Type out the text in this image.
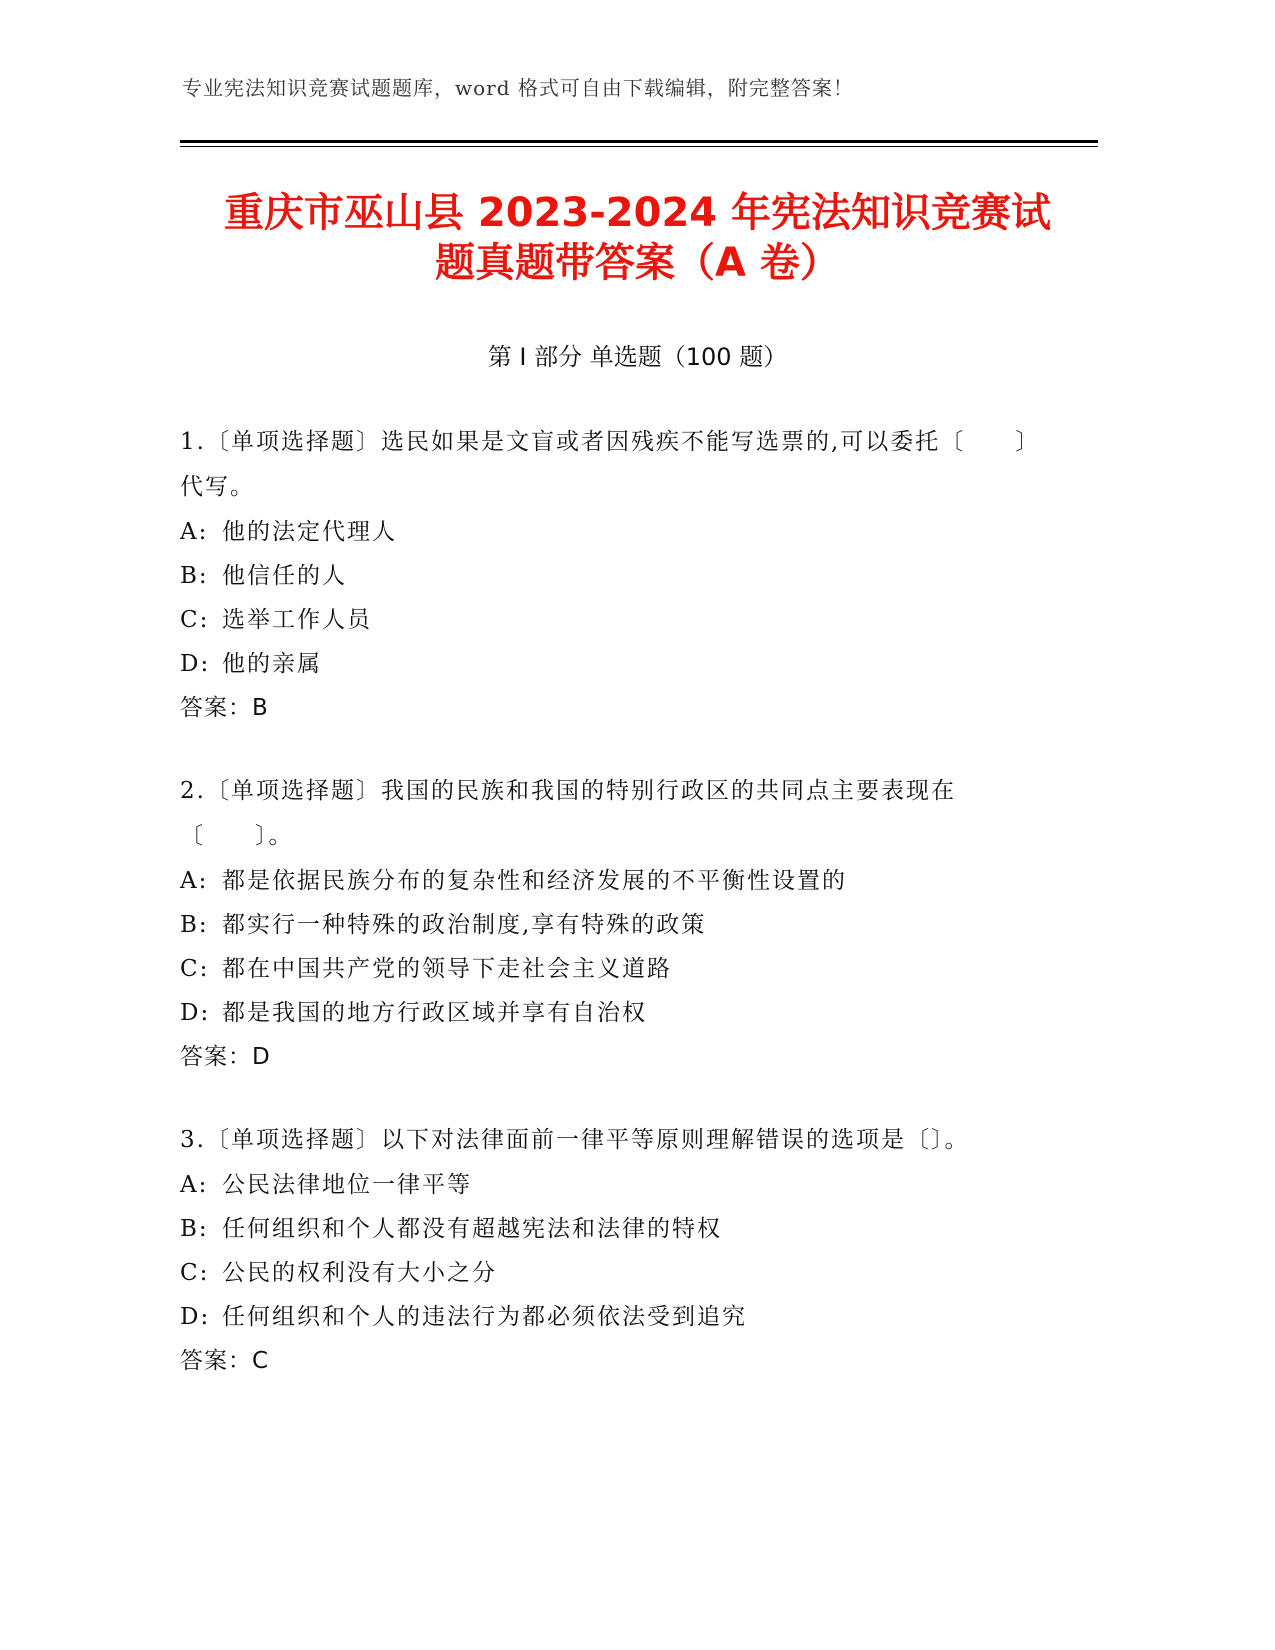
专业宪法知识竞赛试题题库，word 格式可自由下载编辑，附完整答案！
重庆市巫山县 2023-2024 年宪法知识竞赛试
题真题带答案（A 卷）
第 I 部分 单选题（100 题）

1.〔单项选择题〕选民如果是文盲或者因残疾不能写选票的,可以委托〔　　〕代写。

A: 他的法定代理人
B: 他信任的人
C: 选举工作人员
D: 他的亲属
答案：B

2.〔单项选择题〕我国的民族和我国的特别行政区的共同点主要表现在〔　　〕。

A: 都是依据民族分布的复杂性和经济发展的不平衡性设置的
B: 都实行一种特殊的政治制度,享有特殊的政策
C: 都在中国共产党的领导下走社会主义道路
D: 都是我国的地方行政区域并享有自治权
答案：D

3.〔单项选择题〕以下对法律面前一律平等原则理解错误的选项是〔〕。

A: 公民法律地位一律平等
B: 任何组织和个人都没有超越宪法和法律的特权
C: 公民的权利没有大小之分
D: 任何组织和个人的违法行为都必须依法受到追究
答案：C
